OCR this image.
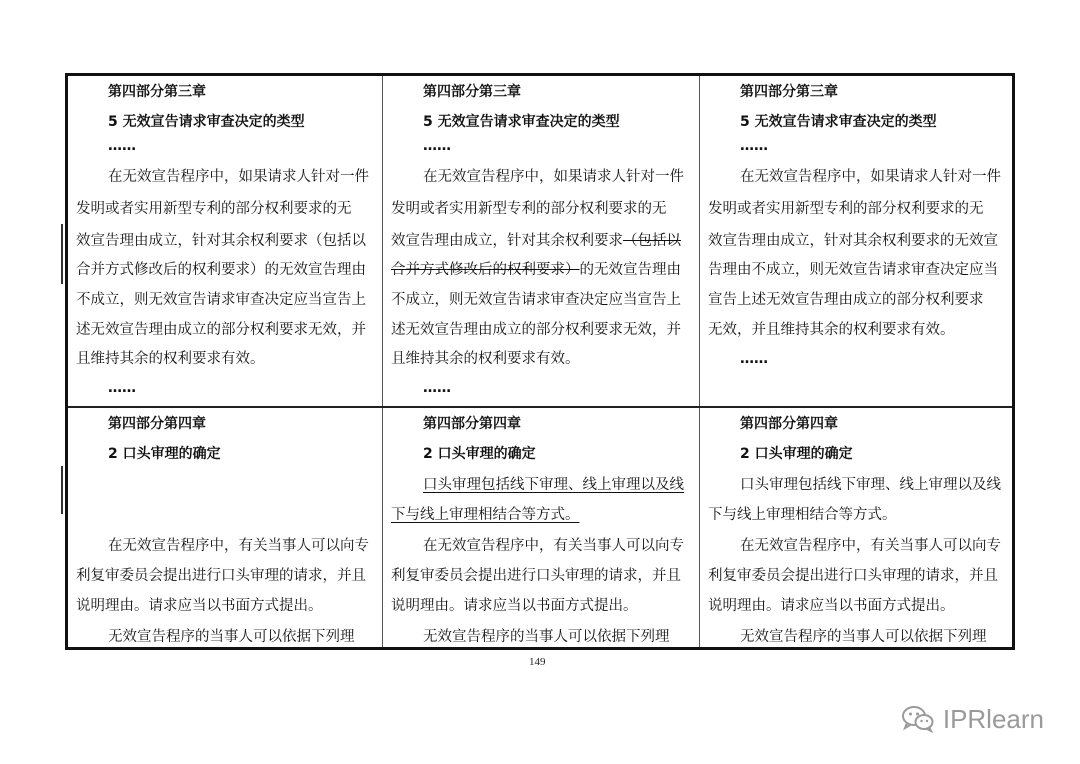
第四部分第三章
5 无效宣告请求审查决定的类型
……
在无效宣告程序中，如果请求人针对一件
发明或者实用新型专利的部分权利要求的无
效宣告理由成立，针对其余权利要求（包括以
合并方式修改后的权利要求）的无效宣告理由
不成立，则无效宣告请求审查决定应当宣告上
述无效宣告理由成立的部分权利要求无效，并
且维持其余的权利要求有效。
……
第四部分第三章
5 无效宣告请求审查决定的类型
……
在无效宣告程序中，如果请求人针对一件
发明或者实用新型专利的部分权利要求的无
效宣告理由成立，针对其余权利要求（包括以
合并方式修改后的权利要求）的无效宣告理由
不成立，则无效宣告请求审查决定应当宣告上
述无效宣告理由成立的部分权利要求无效，并
且维持其余的权利要求有效。
……
第四部分第三章
5 无效宣告请求审查决定的类型
……
在无效宣告程序中，如果请求人针对一件
发明或者实用新型专利的部分权利要求的无
效宣告理由成立，针对其余权利要求的无效宣
告理由不成立，则无效宣告请求审查决定应当
宣告上述无效宣告理由成立的部分权利要求
无效，并且维持其余的权利要求有效。
……
第四部分第四章
2 口头审理的确定
在无效宣告程序中，有关当事人可以向专
利复审委员会提出进行口头审理的请求，并且
说明理由。请求应当以书面方式提出。
无效宣告程序的当事人可以依据下列理
第四部分第四章
2 口头审理的确定
口头审理包括线下审理、线上审理以及线
下与线上审理相结合等方式。
在无效宣告程序中，有关当事人可以向专
利复审委员会提出进行口头审理的请求，并且
说明理由。请求应当以书面方式提出。
无效宣告程序的当事人可以依据下列理
第四部分第四章
2 口头审理的确定
口头审理包括线下审理、线上审理以及线
下与线上审理相结合等方式。
在无效宣告程序中，有关当事人可以向专
利复审委员会提出进行口头审理的请求，并且
说明理由。请求应当以书面方式提出。
无效宣告程序的当事人可以依据下列理
149
IPRlearn
